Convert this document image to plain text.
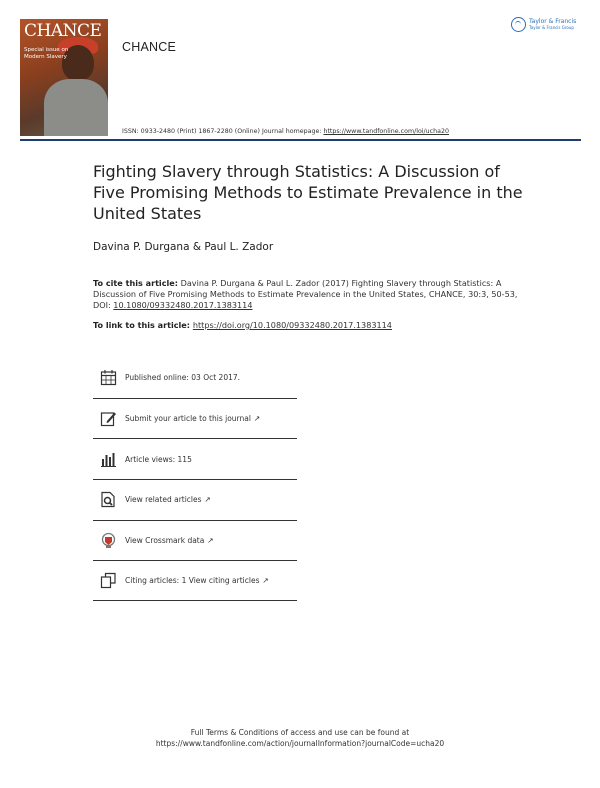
CHANCE
Special issue on Modern Slavery
CHANCE
ISSN: 0933-2480 (Print) 1867-2280 (Online) Journal homepage: https://www.tandfonline.com/loi/ucha20
Taylor & Francis
Taylor & Francis Group
Fighting Slavery through Statistics: A Discussion of Five Promising Methods to Estimate Prevalence in the United States
Davina P. Durgana & Paul L. Zador
To cite this article: Davina P. Durgana & Paul L. Zador (2017) Fighting Slavery through Statistics: A Discussion of Five Promising Methods to Estimate Prevalence in the United States, CHANCE, 30:3, 50-53, DOI: 10.1080/09332480.2017.1383114
To link to this article: https://doi.org/10.1080/09332480.2017.1383114
Published online: 03 Oct 2017.
Submit your article to this journal ↗
Article views: 115
View related articles ↗
View Crossmark data ↗
Citing articles: 1 View citing articles ↗
Full Terms & Conditions of access and use can be found at
https://www.tandfonline.com/action/journalInformation?journalCode=ucha20
